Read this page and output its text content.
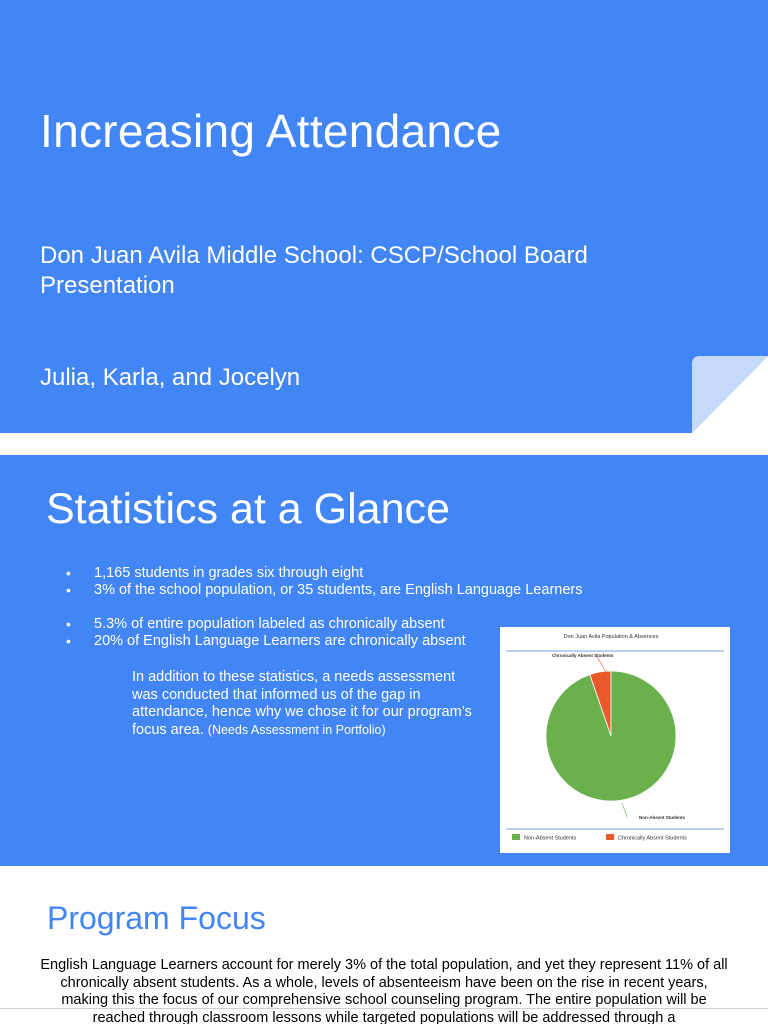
Increasing Attendance
Don Juan Avila Middle School: CSCP/School Board Presentation
Julia, Karla, and Jocelyn
Statistics at a Glance
• 1,165 students in grades six through eight
• 3% of the school population, or 35 students, are English Language Learners
• 5.3% of entire population labeled as chronically absent
• 20% of English Language Learners are chronically absent
In addition to these statistics, a needs assessment was conducted that informed us of the gap in attendance, hence why we chose it for our program’s focus area. (Needs Assessment in Portfolio)
Don Juan Avila Population & Absences
Chronically Absent Students
Non-Absent Students
Non-Absent Students	Chronically Absent Students
Program Focus
English Language Learners account for merely 3% of the total population, and yet they represent 11% of all chronically absent students. As a whole, levels of absenteeism have been on the rise in recent years, making this the focus of our comprehensive school counseling program. The entire population will be reached through classroom lessons while targeted populations will be addressed through a
